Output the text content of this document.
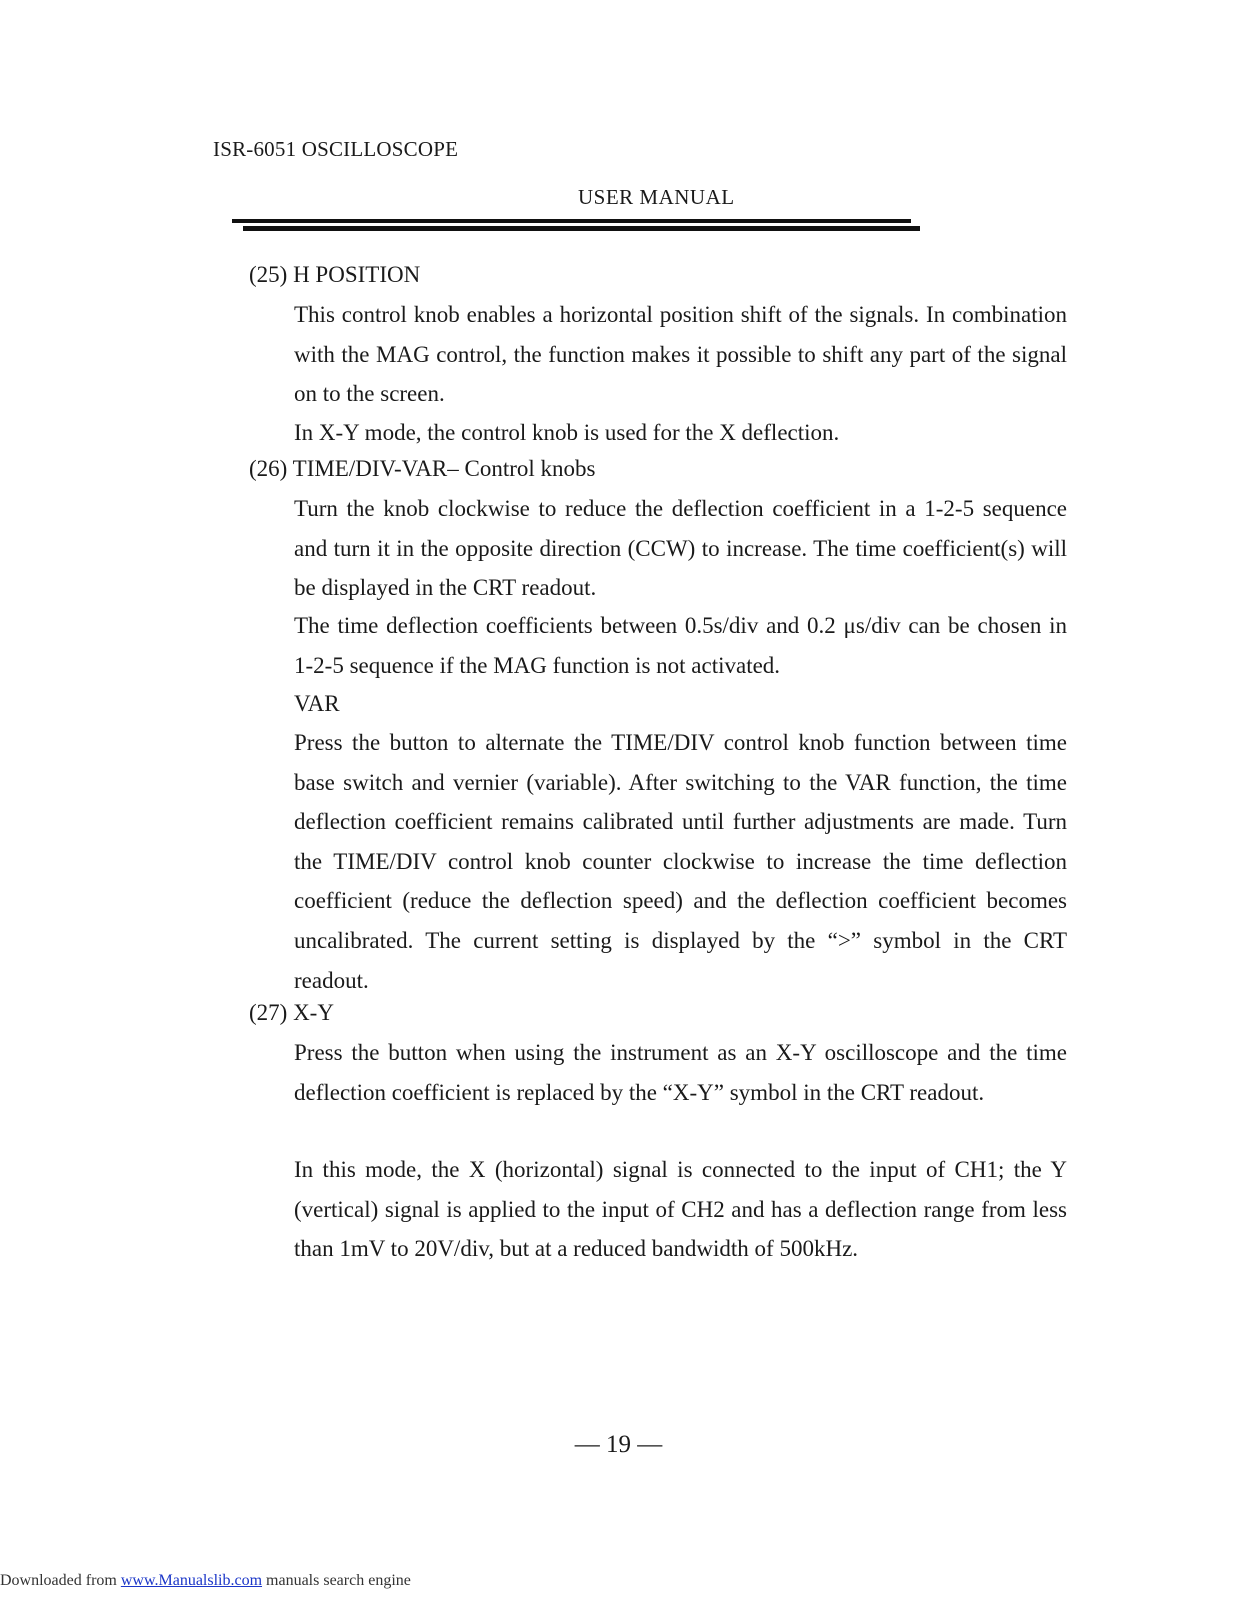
ISR-6051 OSCILLOSCOPE
USER MANUAL
(25) H POSITION

This control knob enables a horizontal position shift of the signals. In combination with the MAG control, the function makes it possible to shift any part of the signal on to the screen.

In X-Y mode, the control knob is used for the X deflection.

(26) TIME/DIV-VAR– Control knobs

Turn the knob clockwise to reduce the deflection coefficient in a 1-2-5 sequence and turn it in the opposite direction (CCW) to increase. The time coefficient(s) will be displayed in the CRT readout.

The time deflection coefficients between 0.5s/div and 0.2 μs/div can be chosen in 1-2-5 sequence if the MAG function is not activated.

VAR

Press the button to alternate the TIME/DIV control knob function between time base switch and vernier (variable). After switching to the VAR function, the time deflection coefficient remains calibrated until further adjustments are made. Turn the TIME/DIV control knob counter clockwise to increase the time deflection coefficient (reduce the deflection speed) and the deflection coefficient becomes uncalibrated. The current setting is displayed by the “>” symbol in the CRT readout.

(27) X-Y

Press the button when using the instrument as an X-Y oscilloscope and the time deflection coefficient is replaced by the “X-Y” symbol in the CRT readout.

In this mode, the X (horizontal) signal is connected to the input of CH1; the Y (vertical) signal is applied to the input of CH2 and has a deflection range from less than 1mV to 20V/div, but at a reduced bandwidth of 500kHz.

— 19 —
Downloaded from www.Manualslib.com manuals search engine
